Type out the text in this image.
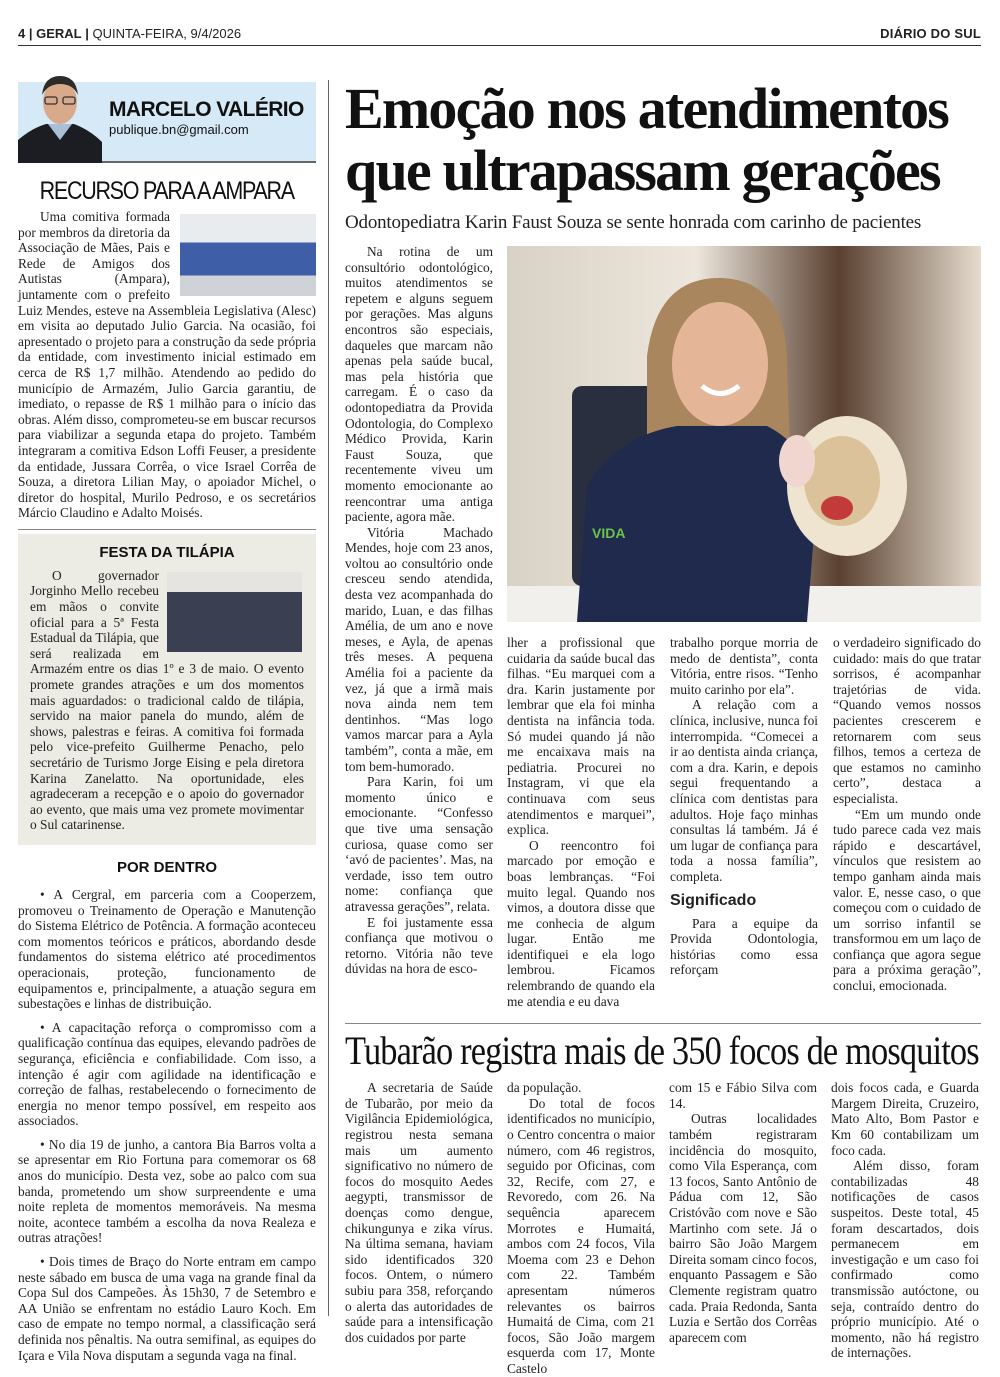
4 | GERAL | QUINTA-FEIRA, 9/4/2026	DIÁRIO DO SUL
MARCELO VALÉRIO
publique.bn@gmail.com
RECURSO PARA A AMPARA

Uma comitiva formada por membros da diretoria da Associação de Mães, Pais e Rede de Amigos dos Autistas (Ampara), juntamente com o prefeito Luiz Mendes, esteve na Assembleia Legislativa (Alesc) em visita ao deputado Julio Garcia. Na ocasião, foi apresentado o projeto para a construção da sede própria da entidade, com investimento inicial estimado em cerca de R$ 1,7 milhão. Atendendo ao pedido do município de Armazém, Julio Garcia garantiu, de imediato, o repasse de R$ 1 milhão para o início das obras. Além disso, comprometeu-se em buscar recursos para viabilizar a segunda etapa do projeto. Também integraram a comitiva Edson Loffi Feuser, a presidente da entidade, Jussara Corrêa, o vice Israel Corrêa de Souza, a diretora Lilian May, o apoiador Michel, o diretor do hospital, Murilo Pedroso, e os secretários Márcio Claudino e Adalto Moisés.

FESTA DA TILÁPIA

O governador Jorginho Mello recebeu em mãos o convite oficial para a 5ª Festa Estadual da Tilápia, que será realizada em Armazém entre os dias 1º e 3 de maio. O evento promete grandes atrações e um dos momentos mais aguardados: o tradicional caldo de tilápia, servido na maior panela do mundo, além de shows, palestras e feiras. A comitiva foi formada pelo vice-prefeito Guilherme Penacho, pelo secretário de Turismo Jorge Eising e pela diretora Karina Zanelatto. Na oportunidade, eles agradeceram a recepção e o apoio do governador ao evento, que mais uma vez promete movimentar o Sul catarinense.

POR DENTRO

• A Cergral, em parceria com a Cooperzem, promoveu o Treinamento de Operação e Manutenção do Sistema Elétrico de Potência. A formação aconteceu com momentos teóricos e práticos, abordando desde fundamentos do sistema elétrico até procedimentos operacionais, proteção, funcionamento de equipamentos e, principalmente, a atuação segura em subestações e linhas de distribuição.

• A capacitação reforça o compromisso com a qualificação contínua das equipes, elevando padrões de segurança, eficiência e confiabilidade. Com isso, a intenção é agir com agilidade na identificação e correção de falhas, restabelecendo o fornecimento de energia no menor tempo possível, em respeito aos associados.

• No dia 19 de junho, a cantora Bia Barros volta a se apresentar em Rio Fortuna para comemorar os 68 anos do município. Desta vez, sobe ao palco com sua banda, prometendo um show surpreendente e uma noite repleta de momentos memoráveis. Na mesma noite, acontece também a escolha da nova Realeza e outras atrações!

• Dois times de Braço do Norte entram em campo neste sábado em busca de uma vaga na grande final da Copa Sul dos Campeões. Às 15h30, 7 de Setembro e AA União se enfrentam no estádio Lauro Koch. Em caso de empate no tempo normal, a classificação será definida nos pênaltis. Na outra semifinal, as equipes do Içara e Vila Nova disputam a segunda vaga na final.

Emoção nos atendimentos
que ultrapassam gerações
Odontopediatra Karin Faust Souza se sente honrada com carinho de pacientes

Na rotina de um consultório odontológico, muitos atendimentos se repetem e alguns seguem por gerações. Mas alguns encontros são especiais, daqueles que marcam não apenas pela saúde bucal, mas pela história que carregam. É o caso da odontopediatra da Provida Odontologia, do Complexo Médico Provida, Karin Faust Souza, que recentemente viveu um momento emocionante ao reencontrar uma antiga paciente, agora mãe.

Vitória Machado Mendes, hoje com 23 anos, voltou ao consultório onde cresceu sendo atendida, desta vez acompanhada do marido, Luan, e das filhas Amélia, de um ano e nove meses, e Ayla, de apenas três meses. A pequena Amélia foi a paciente da vez, já que a irmã mais nova ainda nem tem dentinhos. “Mas logo vamos marcar para a Ayla também”, conta a mãe, em tom bem-humorado.

Para Karin, foi um momento único e emocionante. “Confesso que tive uma sensação curiosa, quase como ser ‘avó de pacientes’. Mas, na verdade, isso tem outro nome: confiança que atravessa gerações”, relata.

E foi justamente essa confiança que motivou o retorno. Vitória não teve dúvidas na hora de esco-

VIDA

lher a profissional que cuidaria da saúde bucal das filhas. “Eu marquei com a dra. Karin justamente por lembrar que ela foi minha dentista na infância toda. Só mudei quando já não me encaixava mais na pediatria. Procurei no Instagram, vi que ela continuava com seus atendimentos e marquei”, explica.

O reencontro foi marcado por emoção e boas lembranças. “Foi muito legal. Quando nos vimos, a doutora disse que me conhecia de algum lugar. Então me identifiquei e ela logo lembrou. Ficamos relembrando de quando ela me atendia e eu dava

trabalho porque morria de medo de dentista”, conta Vitória, entre risos. “Tenho muito carinho por ela”.

A relação com a clínica, inclusive, nunca foi interrompida. “Comecei a ir ao dentista ainda criança, com a dra. Karin, e depois segui frequentando a clínica com dentistas para adultos. Hoje faço minhas consultas lá também. Já é um lugar de confiança para toda a nossa família”, completa.

Significado

Para a equipe da Provida Odontologia, histórias como essa reforçam

o verdadeiro significado do cuidado: mais do que tratar sorrisos, é acompanhar trajetórias de vida. “Quando vemos nossos pacientes crescerem e retornarem com seus filhos, temos a certeza de que estamos no caminho certo”, destaca a especialista.

“Em um mundo onde tudo parece cada vez mais rápido e descartável, vínculos que resistem ao tempo ganham ainda mais valor. E, nesse caso, o que começou com o cuidado de um sorriso infantil se transformou em um laço de confiança que agora segue para a próxima geração”, conclui, emocionada.

Tubarão registra mais de 350 focos de mosquitos

A secretaria de Saúde de Tubarão, por meio da Vigilância Epidemiológica, registrou nesta semana mais um aumento significativo no número de focos do mosquito Aedes aegypti, transmissor de doenças como dengue, chikungunya e zika vírus. Na última semana, haviam sido identificados 320 focos. Ontem, o número subiu para 358, reforçando o alerta das autoridades de saúde para a intensificação dos cuidados por parte

da população.

Do total de focos identificados no município, o Centro concentra o maior número, com 46 registros, seguido por Oficinas, com 32, Recife, com 27, e Revoredo, com 26. Na sequência aparecem Morrotes e Humaitá, ambos com 24 focos, Vila Moema com 23 e Dehon com 22. Também apresentam números relevantes os bairros Humaitá de Cima, com 21 focos, São João margem esquerda com 17, Monte Castelo

com 15 e Fábio Silva com 14.

Outras localidades também registraram incidência do mosquito, como Vila Esperança, com 13 focos, Santo Antônio de Pádua com 12, São Cristóvão com nove e São Martinho com sete. Já o bairro São João Margem Direita somam cinco focos, enquanto Passagem e São Clemente registram quatro cada. Praia Redonda, Santa Luzia e Sertão dos Corrêas aparecem com

dois focos cada, e Guarda Margem Direita, Cruzeiro, Mato Alto, Bom Pastor e Km 60 contabilizam um foco cada.

Além disso, foram contabilizadas 48 notificações de casos suspeitos. Deste total, 45 foram descartados, dois permanecem em investigação e um caso foi confirmado como transmissão autóctone, ou seja, contraído dentro do próprio município. Até o momento, não há registro de internações.
